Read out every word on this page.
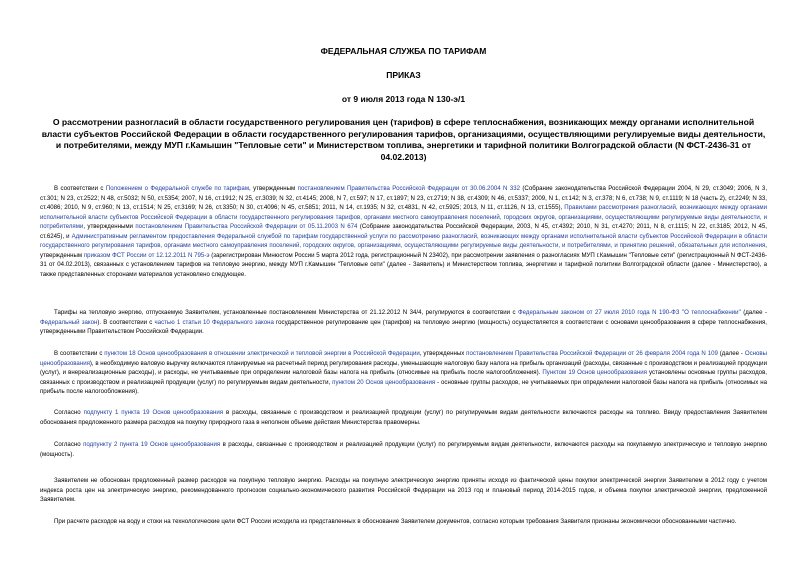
ФЕДЕРАЛЬНАЯ СЛУЖБА ПО ТАРИФАМ
ПРИКАЗ
от 9 июля 2013 года N 130-э/1
О рассмотрении разногласий в области государственного регулирования цен (тарифов) в сфере теплоснабжения, возникающих между органами исполнительной власти субъектов Российской Федерации в области государственного регулирования тарифов, организациями, осуществляющими регулируемые виды деятельности, и потребителями, между МУП г.Камышин "Тепловые сети" и Министерством топлива, энергетики и тарифной политики Волгоградской области (N ФСТ-2436-31 от 04.02.2013)
В соответствии с Положением о Федеральной службе по тарифам, утвержденным постановлением Правительства Российской Федерации от 30.06.2004 N 332 (Собрание законодательства Российской Федерации 2004, N 29, ст.3049; 2006, N 3, ст.301; N 23, ст.2522; N 48, ст.5032; N 50, ст.5354; 2007, N 16, ст.1912; N 25, ст.3039; N 32, ст.4145; 2008, N 7, ст.597; N 17, ст.1897; N 23, ст.2719; N 38, ст.4309; N 46, ст.5337; 2009, N 1, ст.142; N 3, ст.378; N 6, ст.738; N 9, ст.1119; N 18 (часть 2), ст.2249; N 33, ст.4086; 2010, N 9, ст.960; N 13, ст.1514; N 25, ст.3169; N 26, ст.3350; N 30, ст.4096; N 45, ст.5851; 2011, N 14, ст.1935; N 32, ст.4831, N 42, ст.5925; 2013, N 11, ст.1126, N 13, ст.1555), Правилами рассмотрения разногласий, возникающих между органами исполнительной власти субъектов Российской Федерации в области государственного регулирования тарифов, органами местного самоуправления поселений, городских округов, организациями, осуществляющими регулируемые виды деятельности, и потребителями, утвержденными постановлением Правительства Российской Федерации от 05.11.2003 N 674 (Собрание законодательства Российской Федерации, 2003, N 45, ст.4392; 2010, N 31, ст.4270; 2011, N 8, ст.1115; N 22, ст.3185; 2012, N 45, ст.6245), и Административным регламентом предоставления Федеральной службой по тарифам государственной услуги по рассмотрению разногласий, возникающих между органами исполнительной власти субъектов Российской Федерации в области государственного регулирования тарифов, органами местного самоуправления поселений, городских округов, организациями, осуществляющими регулируемые виды деятельности, и потребителями, и принятию решений, обязательных для исполнения, утвержденным приказом ФСТ России от 12.12.2011 N 795-э (зарегистрирован Минюстом России 5 марта 2012 года, регистрационный N 23402), при рассмотрении заявления о разногласиях МУП г.Камышин "Тепловые сети" (регистрационный N ФСТ-2436-31 от 04.02.2013), связанных с установлением тарифов на тепловую энергию, между МУП г.Камышин "Тепловые сети" (далее - Заявитель) и Министерством топлива, энергетики и тарифной политики Волгоградской области (далее - Министерство), а также представленных сторонами материалов установлено следующее.
Тарифы на тепловую энергию, отпускаемую Заявителем, установленные постановлением Министерства от 21.12.2012 N 34/4, регулируются в соответствии с Федеральным законом от 27 июля 2010 года N 190-ФЗ "О теплоснабжении" (далее - Федеральный закон). В соответствии с частью 1 статьи 10 Федерального закона государственное регулирование цен (тарифов) на тепловую энергию (мощность) осуществляется в соответствии с основами ценообразования в сфере теплоснабжения, утвержденными Правительством Российской Федерации.
В соответствии с пунктом 18 Основ ценообразования в отношении электрической и тепловой энергии в Российской Федерации, утвержденных постановлением Правительства Российской Федерации от 26 февраля 2004 года N 109 (далее - Основы ценообразования), в необходимую валовую выручку включаются планируемые на расчетный период регулирования расходы, уменьшающие налоговую базу налога на прибыль организаций (расходы, связанные с производством и реализацией продукции (услуг), и внереализационные расходы), и расходы, не учитываемые при определении налоговой базы налога на прибыль (относимые на прибыль после налогообложения). Пунктом 19 Основ ценообразования установлены основные группы расходов, связанных с производством и реализацией продукции (услуг) по регулируемым видам деятельности, пунктом 20 Основ ценообразования - основные группы расходов, не учитываемых при определении налоговой базы налога на прибыль (относимых на прибыль после налогообложения).
Согласно подпункту 1 пункта 19 Основ ценообразования в расходы, связанные с производством и реализацией продукции (услуг) по регулируемым видам деятельности включаются расходы на топливо. Ввиду предоставления Заявителем обоснования предложенного размера расходов на покупку природного газа в неполном объеме действия Министерства правомерны.
Согласно подпункту 2 пункта 19 Основ ценообразования в расходы, связанные с производством и реализацией продукции (услуг) по регулируемым видам деятельности, включаются расходы на покупаемую электрическую и тепловую энергию (мощность).
Заявителем не обоснован предложенный размер расходов на покупную тепловую энергию. Расходы на покупную электрическую энергию приняты исходя из фактической цены покупки электрической энергии Заявителем в 2012 году с учетом индекса роста цен на электрическую энергию, рекомендованного прогнозом социально-экономического развития Российской Федерации на 2013 год и плановый период 2014-2015 годов, и объема покупки электрической энергии, предложенной Заявителем.
При расчете расходов на воду и стоки на технологические цели ФСТ России исходила из представленных в обоснование Заявителем документов, согласно которым требования Заявителя признаны экономически обоснованными частично.
